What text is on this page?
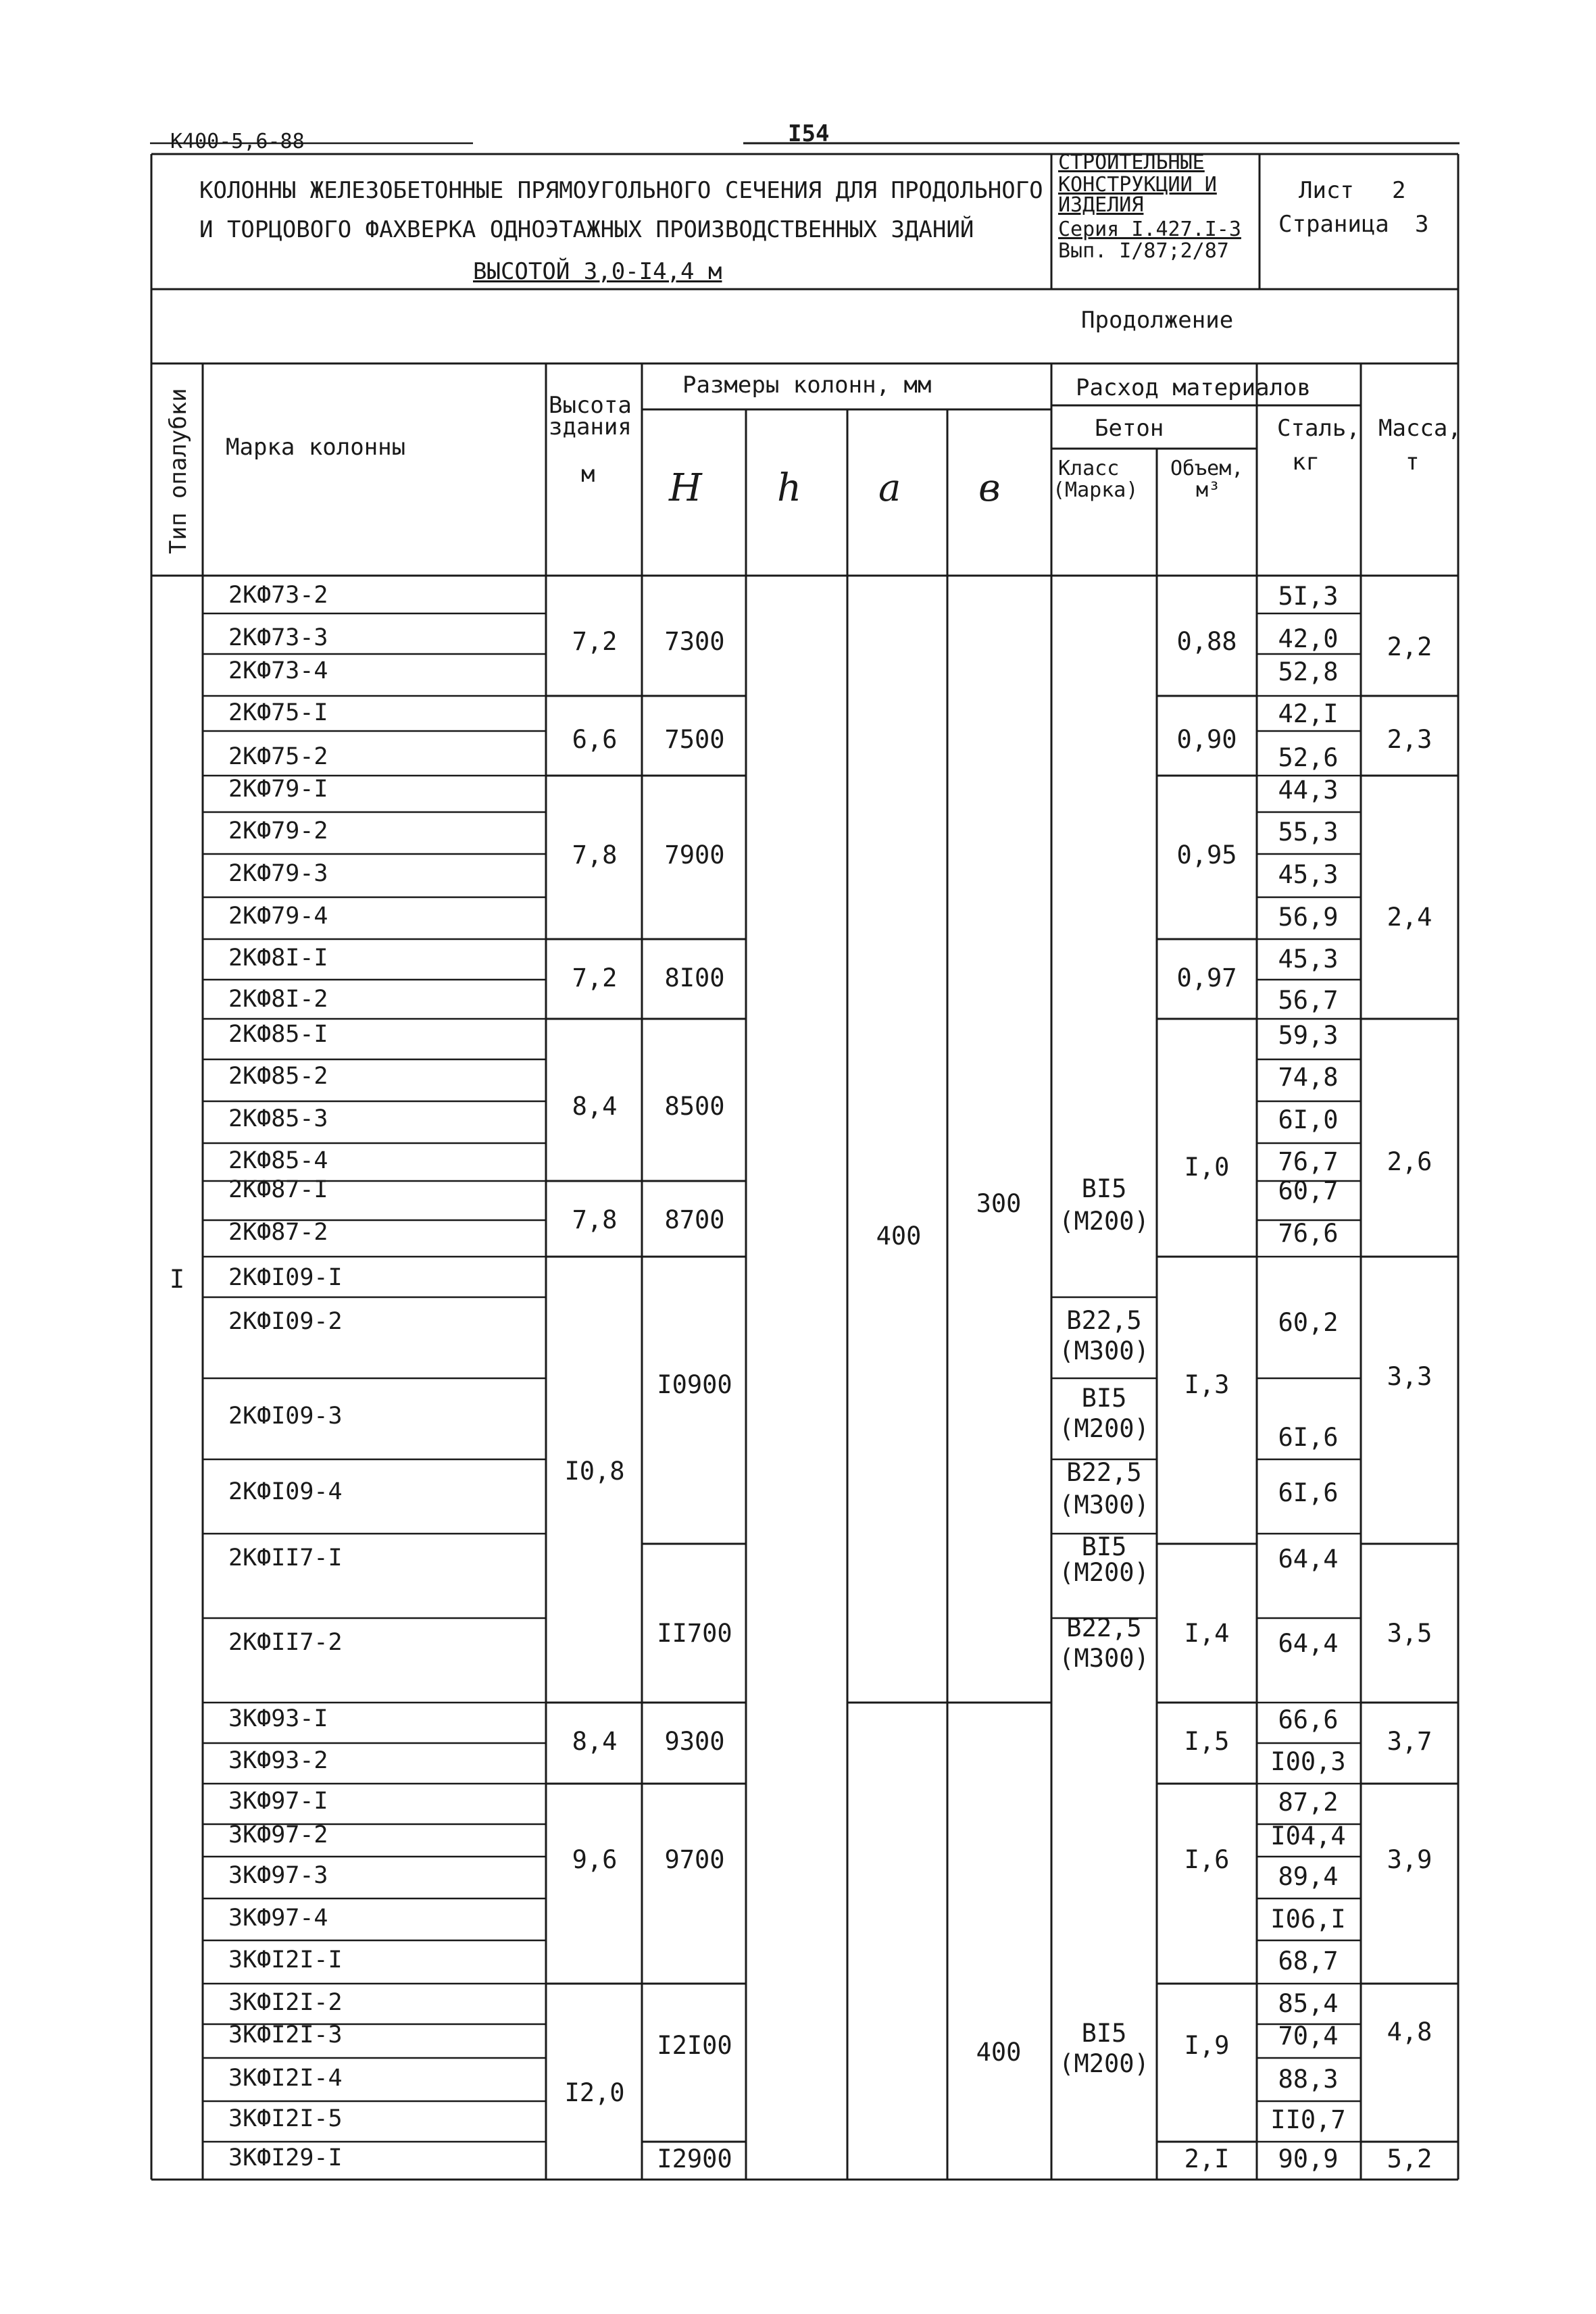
К400-5,6-88	I54
КОЛОННЫ ЖЕЛЕЗОБЕТОННЫЕ ПРЯМОУГОЛЬНОГО СЕЧЕНИЯ ДЛЯ ПРОДОЛЬНОГО
И ТОРЦОВОГО ФАХВЕРКА ОДНОЭТАЖНЫХ ПРОИЗВОДСТВЕННЫХ ЗДАНИЙ
ВЫСОТОЙ 3,0-I4,4 м
СТРОИТЕЛЬНЫЕ
КОНСТРУКЦИИ И
ИЗДЕЛИЯ
Серия I.427.I-3
Вып. I/87;2/87
Лист 2
Страница 3
Продолжение
Тип опалубки Марка колонны
Высота
здания
м
Размеры колонн, мм
H h a в
Расход материалов
Бетон
Класс
(Марка)
Объем,
м³
Сталь,
кг
Масса,
т
2КФ73-2
2КФ73-3
2КФ73-4
2КФ75-I
2КФ75-2
2КФ79-I
2КФ79-2
2КФ79-3
2КФ79-4
2КФ8I-I
2КФ8I-2
2КФ85-I
2КФ85-2
2КФ85-3
2КФ85-4
2КФ87-I
2КФ87-2
2КФI09-I
2КФI09-2
2КФI09-3
2КФI09-4
2КФII7-I
2КФII7-2
3КФ93-I
3КФ93-2
3КФ97-I
3КФ97-2
3КФ97-3
3КФ97-4
3КФI2I-I
3КФI2I-2
3КФI2I-3
3КФI2I-4
3КФI2I-5
3КФI29-I
7,2
6,6
7,8
7,2
8,4
7,8
I0,8
8,4
9,6
I2,0
7300
7500
7900
8I00
8500
8700
I0900
II700
9300
9700
I2I00
I2900
400
300
400
I
BI5
(М200)
B22,5
(М300)
BI5
(М200)
B22,5
(М300)
BI5
(М200)
B22,5
(М300)
BI5
(М200)
0,88
0,90
0,95
0,97
I,0
I,3
I,4
I,5
I,6
I,9
2,I
5I,3
42,0
52,8
42,I
52,6
44,3
55,3
45,3
56,9
45,3
56,7
59,3
74,8
6I,0
76,7
60,7
76,6
60,2
6I,6
6I,6
64,4
64,4
66,6
I00,3
87,2
I04,4
89,4
I06,I
68,7
85,4
70,4
88,3
II0,7
90,9
2,2
2,3
2,4
2,6
3,3
3,5
3,7
3,9
4,8
5,2
